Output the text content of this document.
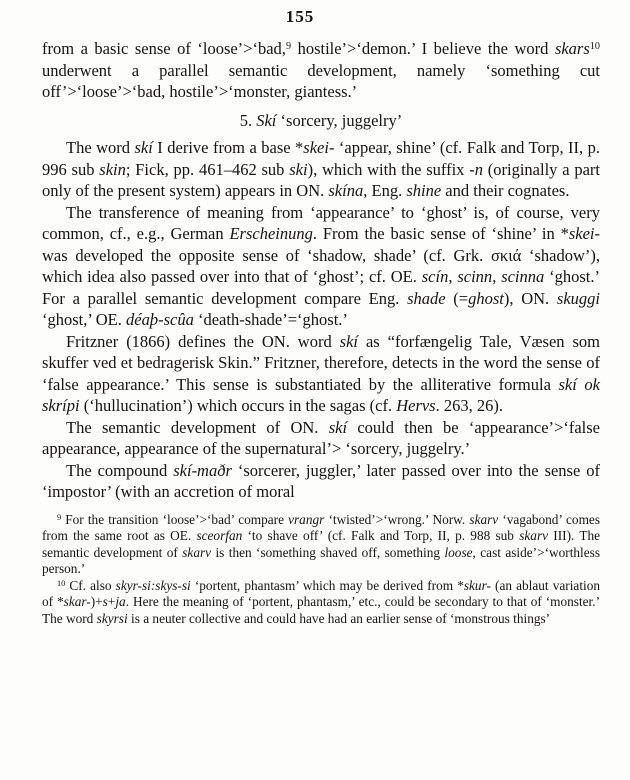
155

from a basic sense of ‘loose’>‘bad,$^9$ hostile’>‘demon.’ I believe the word skars$^{10}$ underwent a parallel semantic development, namely ‘something cut off’>‘loose’>‘bad, hostile’>‘monster, giantess.’

5. Skí ‘sorcery, juggelry’

The word skí I derive from a base *skei- ‘appear, shine’ (cf. Falk and Torp, II, p. 996 sub skin; Fick, pp. 461–462 sub ski), which with the suffix -n (originally a part only of the present system) appears in ON. skína, Eng. shine and their cognates.

The transference of meaning from ‘appearance’ to ‘ghost’ is, of course, very common, cf., e.g., German Erscheinung. From the basic sense of ‘shine’ in *skei- was developed the opposite sense of ‘shadow, shade’ (cf. Grk. σκιά ‘shadow’), which idea also passed over into that of ‘ghost’; cf. OE. scín, scinn, scinna ‘ghost.’ For a parallel semantic development compare Eng. shade (=ghost), ON. skuggi ‘ghost,’ OE. déaþ-scûa ‘death-shade’=‘ghost.’

Fritzner (1866) defines the ON. word skí as “forfængelig Tale, Væsen som skuffer ved et bedragerisk Skin.” Fritzner, therefore, detects in the word the sense of ‘false appearance.’ This sense is substantiated by the alliterative formula skí ok skrípi (‘hullucination’) which occurs in the sagas (cf. Hervs. 263, 26).

The semantic development of ON. skí could then be ‘appearance’>‘false appearance, appearance of the supernatural’> ‘sorcery, juggelry.’

The compound skí-maðr ‘sorcerer, juggler,’ later passed over into the sense of ‘impostor’ (with an accretion of moral

$^9$ For the transition ‘loose’>‘bad’ compare vrangr ‘twisted’>‘wrong.’ Norw. skarv ‘vagabond’ comes from the same root as OE. sceorfan ‘to shave off’ (cf. Falk and Torp, II, p. 988 sub skarv III). The semantic development of skarv is then ‘something shaved off, something loose, cast aside’>‘worthless person.’

$^{10}$ Cf. also skyr-si:skys-si ‘portent, phantasm’ which may be derived from *skur- (an ablaut variation of *skar-)+s+ja. Here the meaning of ‘portent, phantasm,’ etc., could be secondary to that of ‘monster.’ The word skyrsi is a neuter collective and could have had an earlier sense of ‘monstrous things’
